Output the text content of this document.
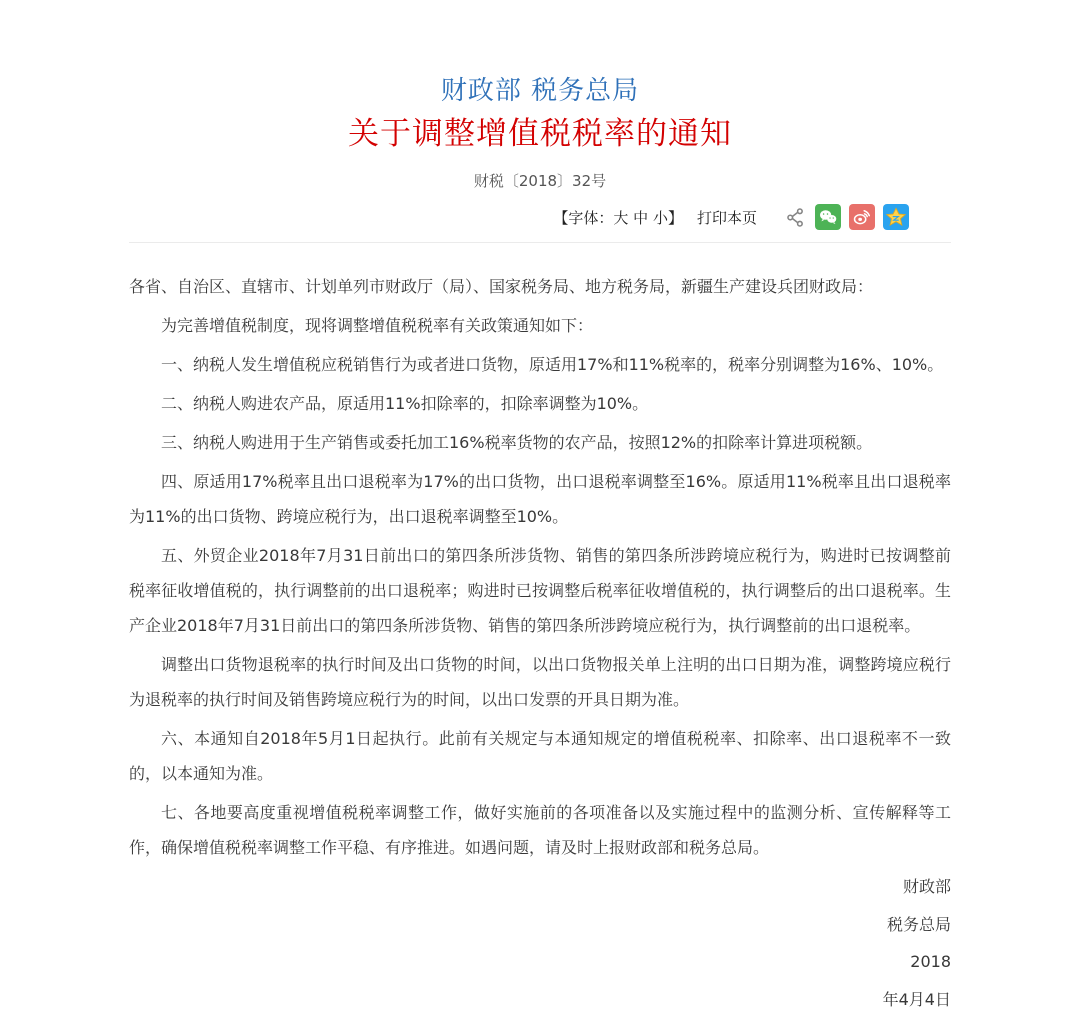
财政部 税务总局
关于调整增值税税率的通知
财税〔2018〕32号
【字体：大 中 小】 打印本页

各省、自治区、直辖市、计划单列市财政厅（局）、国家税务局、地方税务局，新疆生产建设兵团财政局：

为完善增值税制度，现将调整增值税税率有关政策通知如下：

一、纳税人发生增值税应税销售行为或者进口货物，原适用17%和11%税率的，税率分别调整为16%、10%。

二、纳税人购进农产品，原适用11%扣除率的，扣除率调整为10%。

三、纳税人购进用于生产销售或委托加工16%税率货物的农产品，按照12%的扣除率计算进项税额。

四、原适用17%税率且出口退税率为17%的出口货物，出口退税率调整至16%。原适用11%税率且出口退税率为11%的出口货物、跨境应税行为，出口退税率调整至10%。

五、外贸企业2018年7月31日前出口的第四条所涉货物、销售的第四条所涉跨境应税行为，购进时已按调整前税率征收增值税的，执行调整前的出口退税率；购进时已按调整后税率征收增值税的，执行调整后的出口退税率。生产企业2018年7月31日前出口的第四条所涉货物、销售的第四条所涉跨境应税行为，执行调整前的出口退税率。

调整出口货物退税率的执行时间及出口货物的时间，以出口货物报关单上注明的出口日期为准，调整跨境应税行为退税率的执行时间及销售跨境应税行为的时间，以出口发票的开具日期为准。

六、本通知自2018年5月1日起执行。此前有关规定与本通知规定的增值税税率、扣除率、出口退税率不一致的，以本通知为准。

七、各地要高度重视增值税税率调整工作，做好实施前的各项准备以及实施过程中的监测分析、宣传解释等工作，确保增值税税率调整工作平稳、有序推进。如遇问题，请及时上报财政部和税务总局。

财政部

税务总局

2018

年4月4日
